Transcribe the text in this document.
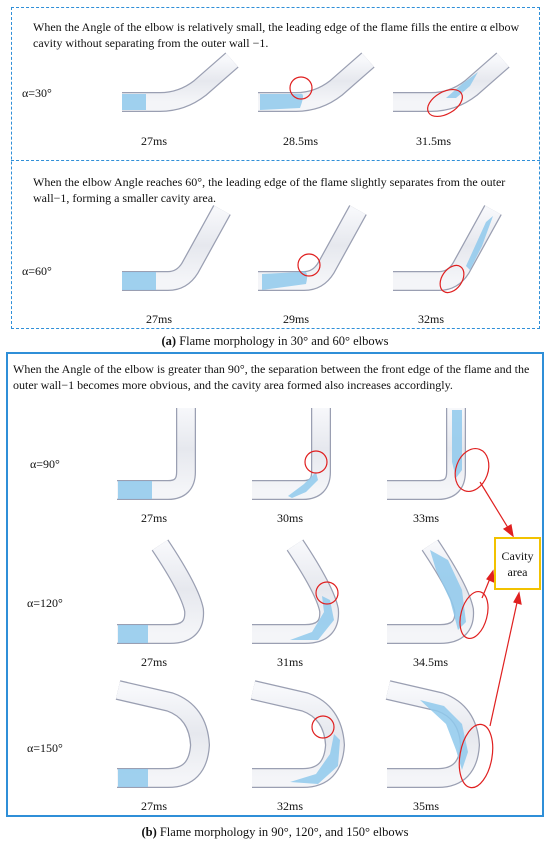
When the Angle of the elbow is relatively small, the leading edge of the flame fills the entire α elbow cavity without separating from the outer wall −1.
α=30°
27ms	28.5ms	31.5ms
When the elbow Angle reaches 60°, the leading edge of the flame slightly separates from the outer wall−1, forming a smaller cavity area.
α=60°
27ms	29ms	32ms
(a) Flame morphology in 30° and 60° elbows
When the Angle of the elbow is greater than 90°, the separation between the front edge of the flame and the outer wall−1 becomes more obvious, and the cavity area formed also increases accordingly.
α=90°
27ms	30ms	33ms
α=120°
27ms	31ms	34.5ms
α=150°
27ms	32ms	35ms
Cavity area
(b) Flame morphology in 90°, 120°, and 150° elbows
